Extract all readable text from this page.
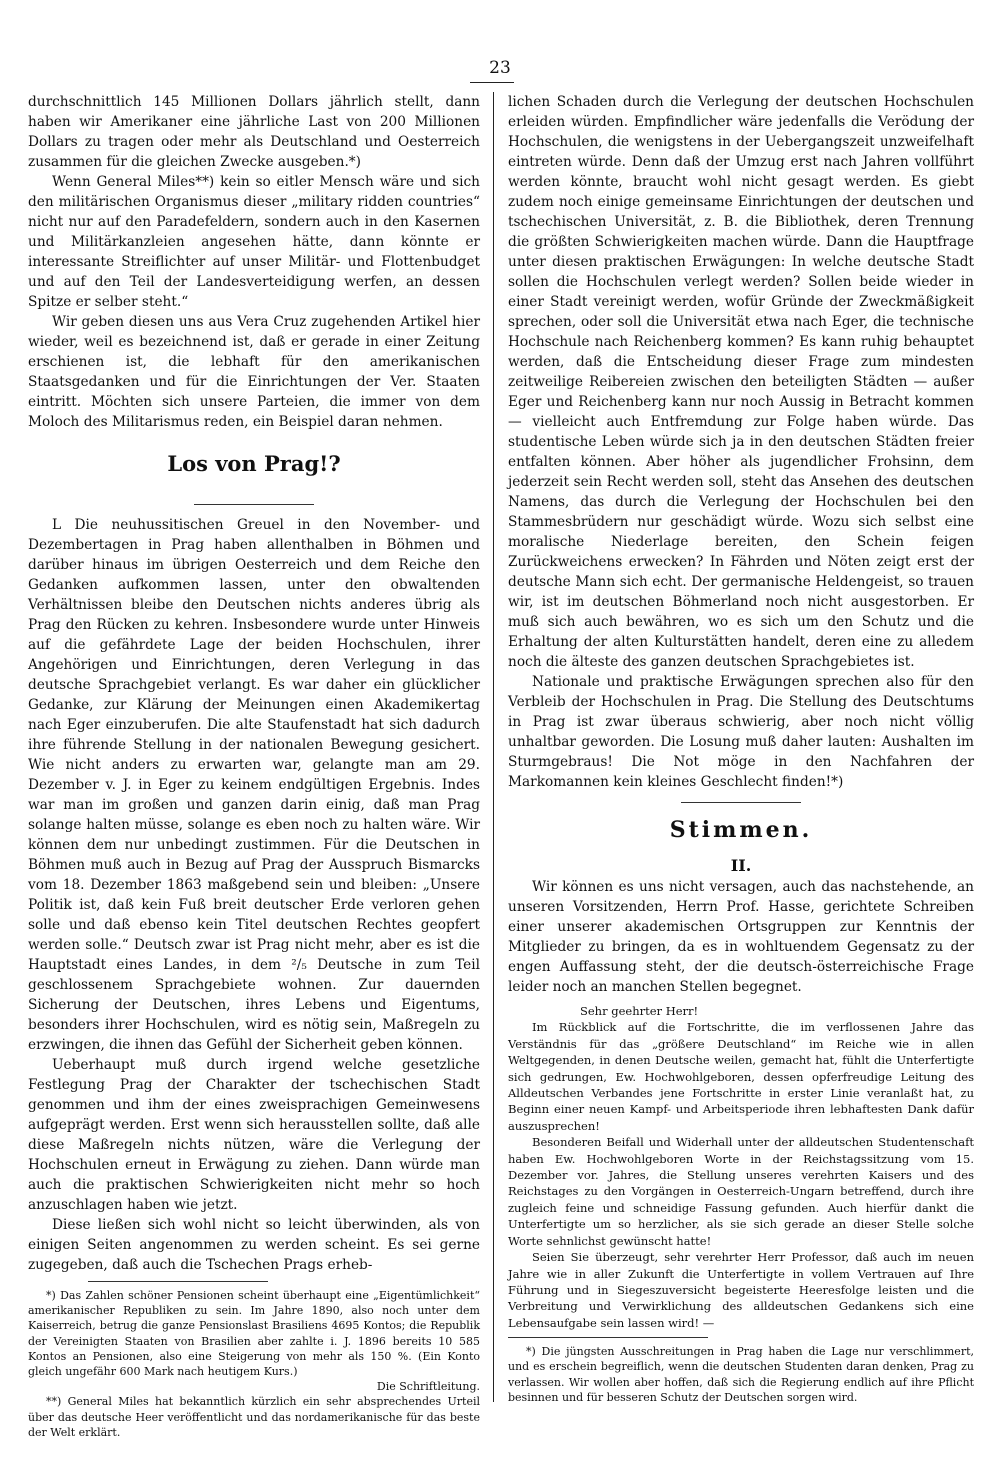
23

durchschnittlich 145 Millionen Dollars jährlich stellt, dann haben wir Amerikaner eine jährliche Last von 200 Millionen Dollars zu tragen oder mehr als Deutschland und Oesterreich zusammen für die gleichen Zwecke ausgeben.*)

Wenn General Miles**) kein so eitler Mensch wäre und sich den militärischen Organismus dieser „military ridden countries“ nicht nur auf den Paradefeldern, sondern auch in den Kasernen und Militärkanzleien angesehen hätte, dann könnte er interessante Streiflichter auf unser Militär- und Flottenbudget und auf den Teil der Landesverteidigung werfen, an dessen Spitze er selber steht.“

Wir geben diesen uns aus Vera Cruz zugehenden Artikel hier wieder, weil es bezeichnend ist, daß er gerade in einer Zeitung erschienen ist, die lebhaft für den amerikanischen Staatsgedanken und für die Einrichtungen der Ver. Staaten eintritt. Möchten sich unsere Parteien, die immer von dem Moloch des Militarismus reden, ein Beispiel daran nehmen.

Los von Prag!?

L Die neuhussitischen Greuel in den November- und Dezembertagen in Prag haben allenthalben in Böhmen und darüber hinaus im übrigen Oesterreich und dem Reiche den Gedanken aufkommen lassen, unter den obwaltenden Verhältnissen bleibe den Deutschen nichts anderes übrig als Prag den Rücken zu kehren. Insbesondere wurde unter Hinweis auf die gefährdete Lage der beiden Hochschulen, ihrer Angehörigen und Einrichtungen, deren Verlegung in das deutsche Sprachgebiet verlangt. Es war daher ein glücklicher Gedanke, zur Klärung der Meinungen einen Akademikertag nach Eger einzuberufen. Die alte Staufenstadt hat sich dadurch ihre führende Stellung in der nationalen Bewegung gesichert. Wie nicht anders zu erwarten war, gelangte man am 29. Dezember v. J. in Eger zu keinem endgültigen Ergebnis. Indes war man im großen und ganzen darin einig, daß man Prag solange halten müsse, solange es eben noch zu halten wäre. Wir können dem nur unbedingt zustimmen. Für die Deutschen in Böhmen muß auch in Bezug auf Prag der Ausspruch Bismarcks vom 18. Dezember 1863 maßgebend sein und bleiben: „Unsere Politik ist, daß kein Fuß breit deutscher Erde verloren gehen solle und daß ebenso kein Titel deutschen Rechtes geopfert werden solle.“ Deutsch zwar ist Prag nicht mehr, aber es ist die Hauptstadt eines Landes, in dem ²/₅ Deutsche in zum Teil geschlossenem Sprachgebiete wohnen. Zur dauernden Sicherung der Deutschen, ihres Lebens und Eigentums, besonders ihrer Hochschulen, wird es nötig sein, Maßregeln zu erzwingen, die ihnen das Gefühl der Sicherheit geben können.

Ueberhaupt muß durch irgend welche gesetzliche Festlegung Prag der Charakter der tschechischen Stadt genommen und ihm der eines zweisprachigen Gemeinwesens aufgeprägt werden. Erst wenn sich herausstellen sollte, daß alle diese Maßregeln nichts nützen, wäre die Verlegung der Hochschulen erneut in Erwägung zu ziehen. Dann würde man auch die praktischen Schwierigkeiten nicht mehr so hoch anzuschlagen haben wie jetzt.

Diese ließen sich wohl nicht so leicht überwinden, als von einigen Seiten angenommen zu werden scheint. Es sei gerne zugegeben, daß auch die Tschechen Prags erheb-

*) Das Zahlen schöner Pensionen scheint überhaupt eine „Eigentümlichkeit“ amerikanischer Republiken zu sein. Im Jahre 1890, also noch unter dem Kaiserreich, betrug die ganze Pensionslast Brasiliens 4695 Kontos; die Republik der Vereinigten Staaten von Brasilien aber zahlte i. J. 1896 bereits 10 585 Kontos an Pensionen, also eine Steigerung von mehr als 150 %. (Ein Konto gleich ungefähr 600 Mark nach heutigem Kurs.)

Die Schriftleitung.

**) General Miles hat bekanntlich kürzlich ein sehr absprechendes Urteil über das deutsche Heer veröffentlicht und das nordamerikanische für das beste der Welt erklärt.

lichen Schaden durch die Verlegung der deutschen Hochschulen erleiden würden. Empfindlicher wäre jedenfalls die Verödung der Hochschulen, die wenigstens in der Uebergangszeit unzweifelhaft eintreten würde. Denn daß der Umzug erst nach Jahren vollführt werden könnte, braucht wohl nicht gesagt werden. Es giebt zudem noch einige gemeinsame Einrichtungen der deutschen und tschechischen Universität, z. B. die Bibliothek, deren Trennung die größten Schwierigkeiten machen würde. Dann die Hauptfrage unter diesen praktischen Erwägungen: In welche deutsche Stadt sollen die Hochschulen verlegt werden? Sollen beide wieder in einer Stadt vereinigt werden, wofür Gründe der Zweckmäßigkeit sprechen, oder soll die Universität etwa nach Eger, die technische Hochschule nach Reichenberg kommen? Es kann ruhig behauptet werden, daß die Entscheidung dieser Frage zum mindesten zeitweilige Reibereien zwischen den beteiligten Städten — außer Eger und Reichenberg kann nur noch Aussig in Betracht kommen — vielleicht auch Entfremdung zur Folge haben würde. Das studentische Leben würde sich ja in den deutschen Städten freier entfalten können. Aber höher als jugendlicher Frohsinn, dem jederzeit sein Recht werden soll, steht das Ansehen des deutschen Namens, das durch die Verlegung der Hochschulen bei den Stammesbrüdern nur geschädigt würde. Wozu sich selbst eine moralische Niederlage bereiten, den Schein feigen Zurückweichens erwecken? In Fährden und Nöten zeigt erst der deutsche Mann sich echt. Der germanische Heldengeist, so trauen wir, ist im deutschen Böhmerland noch nicht ausgestorben. Er muß sich auch bewähren, wo es sich um den Schutz und die Erhaltung der alten Kulturstätten handelt, deren eine zu alledem noch die älteste des ganzen deutschen Sprachgebietes ist.

Nationale und praktische Erwägungen sprechen also für den Verbleib der Hochschulen in Prag. Die Stellung des Deutschtums in Prag ist zwar überaus schwierig, aber noch nicht völlig unhaltbar geworden. Die Losung muß daher lauten: Aushalten im Sturmgebraus! Die Not möge in den Nachfahren der Markomannen kein kleines Geschlecht finden!*)

Stimmen.
II.

Wir können es uns nicht versagen, auch das nachstehende, an unseren Vorsitzenden, Herrn Prof. Hasse, gerichtete Schreiben einer unserer akademischen Ortsgruppen zur Kenntnis der Mitglieder zu bringen, da es in wohltuendem Gegensatz zu der engen Auffassung steht, der die deutsch-österreichische Frage leider noch an manchen Stellen begegnet.

Sehr geehrter Herr!

Im Rückblick auf die Fortschritte, die im verflossenen Jahre das Verständnis für das „größere Deutschland“ im Reiche wie in allen Weltgegenden, in denen Deutsche weilen, gemacht hat, fühlt die Unterfertigte sich gedrungen, Ew. Hochwohlgeboren, dessen opferfreudige Leitung des Alldeutschen Verbandes jene Fortschritte in erster Linie veranlaßt hat, zu Beginn einer neuen Kampf- und Arbeitsperiode ihren lebhaftesten Dank dafür auszusprechen!

Besonderen Beifall und Widerhall unter der alldeutschen Studentenschaft haben Ew. Hochwohlgeboren Worte in der Reichstagssitzung vom 15. Dezember vor. Jahres, die Stellung unseres verehrten Kaisers und des Reichstages zu den Vorgängen in Oesterreich-Ungarn betreffend, durch ihre zugleich feine und schneidige Fassung gefunden. Auch hierfür dankt die Unterfertigte um so herzlicher, als sie sich gerade an dieser Stelle solche Worte sehnlichst gewünscht hatte!

Seien Sie überzeugt, sehr verehrter Herr Professor, daß auch im neuen Jahre wie in aller Zukunft die Unterfertigte in vollem Vertrauen auf Ihre Führung und in Siegeszuversicht begeisterte Heeresfolge leisten und die Verbreitung und Verwirklichung des alldeutschen Gedankens sich eine Lebensaufgabe sein lassen wird! —

*) Die jüngsten Ausschreitungen in Prag haben die Lage nur verschlimmert, und es erschein begreiflich, wenn die deutschen Studenten daran denken, Prag zu verlassen. Wir wollen aber hoffen, daß sich die Regierung endlich auf ihre Pflicht besinnen und für besseren Schutz der Deutschen sorgen wird.
